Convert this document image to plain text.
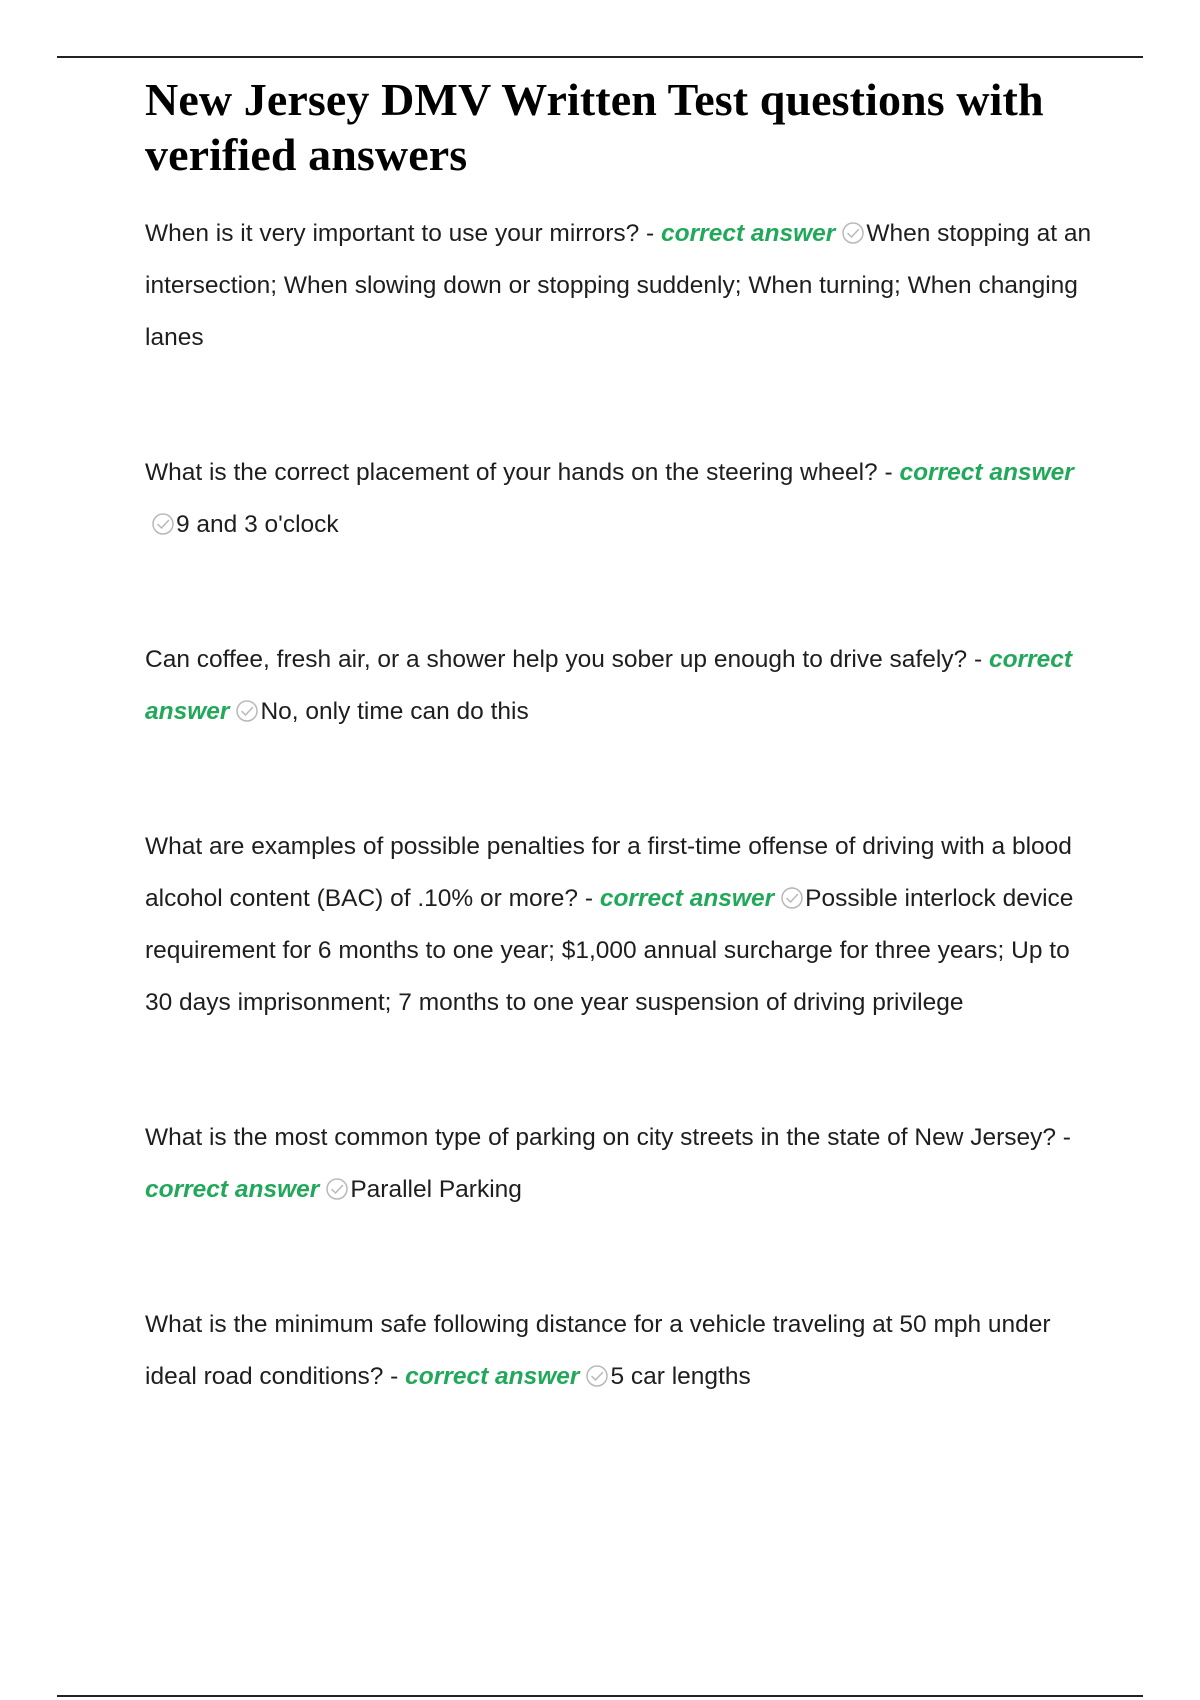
New Jersey DMV Written Test questions with verified answers

When is it very important to use your mirrors? - correct answer When stopping at an intersection; When slowing down or stopping suddenly; When turning; When changing lanes

What is the correct placement of your hands on the steering wheel? - correct answer
9 and 3 o'clock

Can coffee, fresh air, or a shower help you sober up enough to drive safely? - correct answer No, only time can do this

What are examples of possible penalties for a first-time offense of driving with a blood alcohol content (BAC) of .10% or more? - correct answer Possible interlock device requirement for 6 months to one year; $1,000 annual surcharge for three years; Up to 30 days imprisonment; 7 months to one year suspension of driving privilege

What is the most common type of parking on city streets in the state of New Jersey? - correct answer Parallel Parking

What is the minimum safe following distance for a vehicle traveling at 50 mph under ideal road conditions? - correct answer 5 car lengths
